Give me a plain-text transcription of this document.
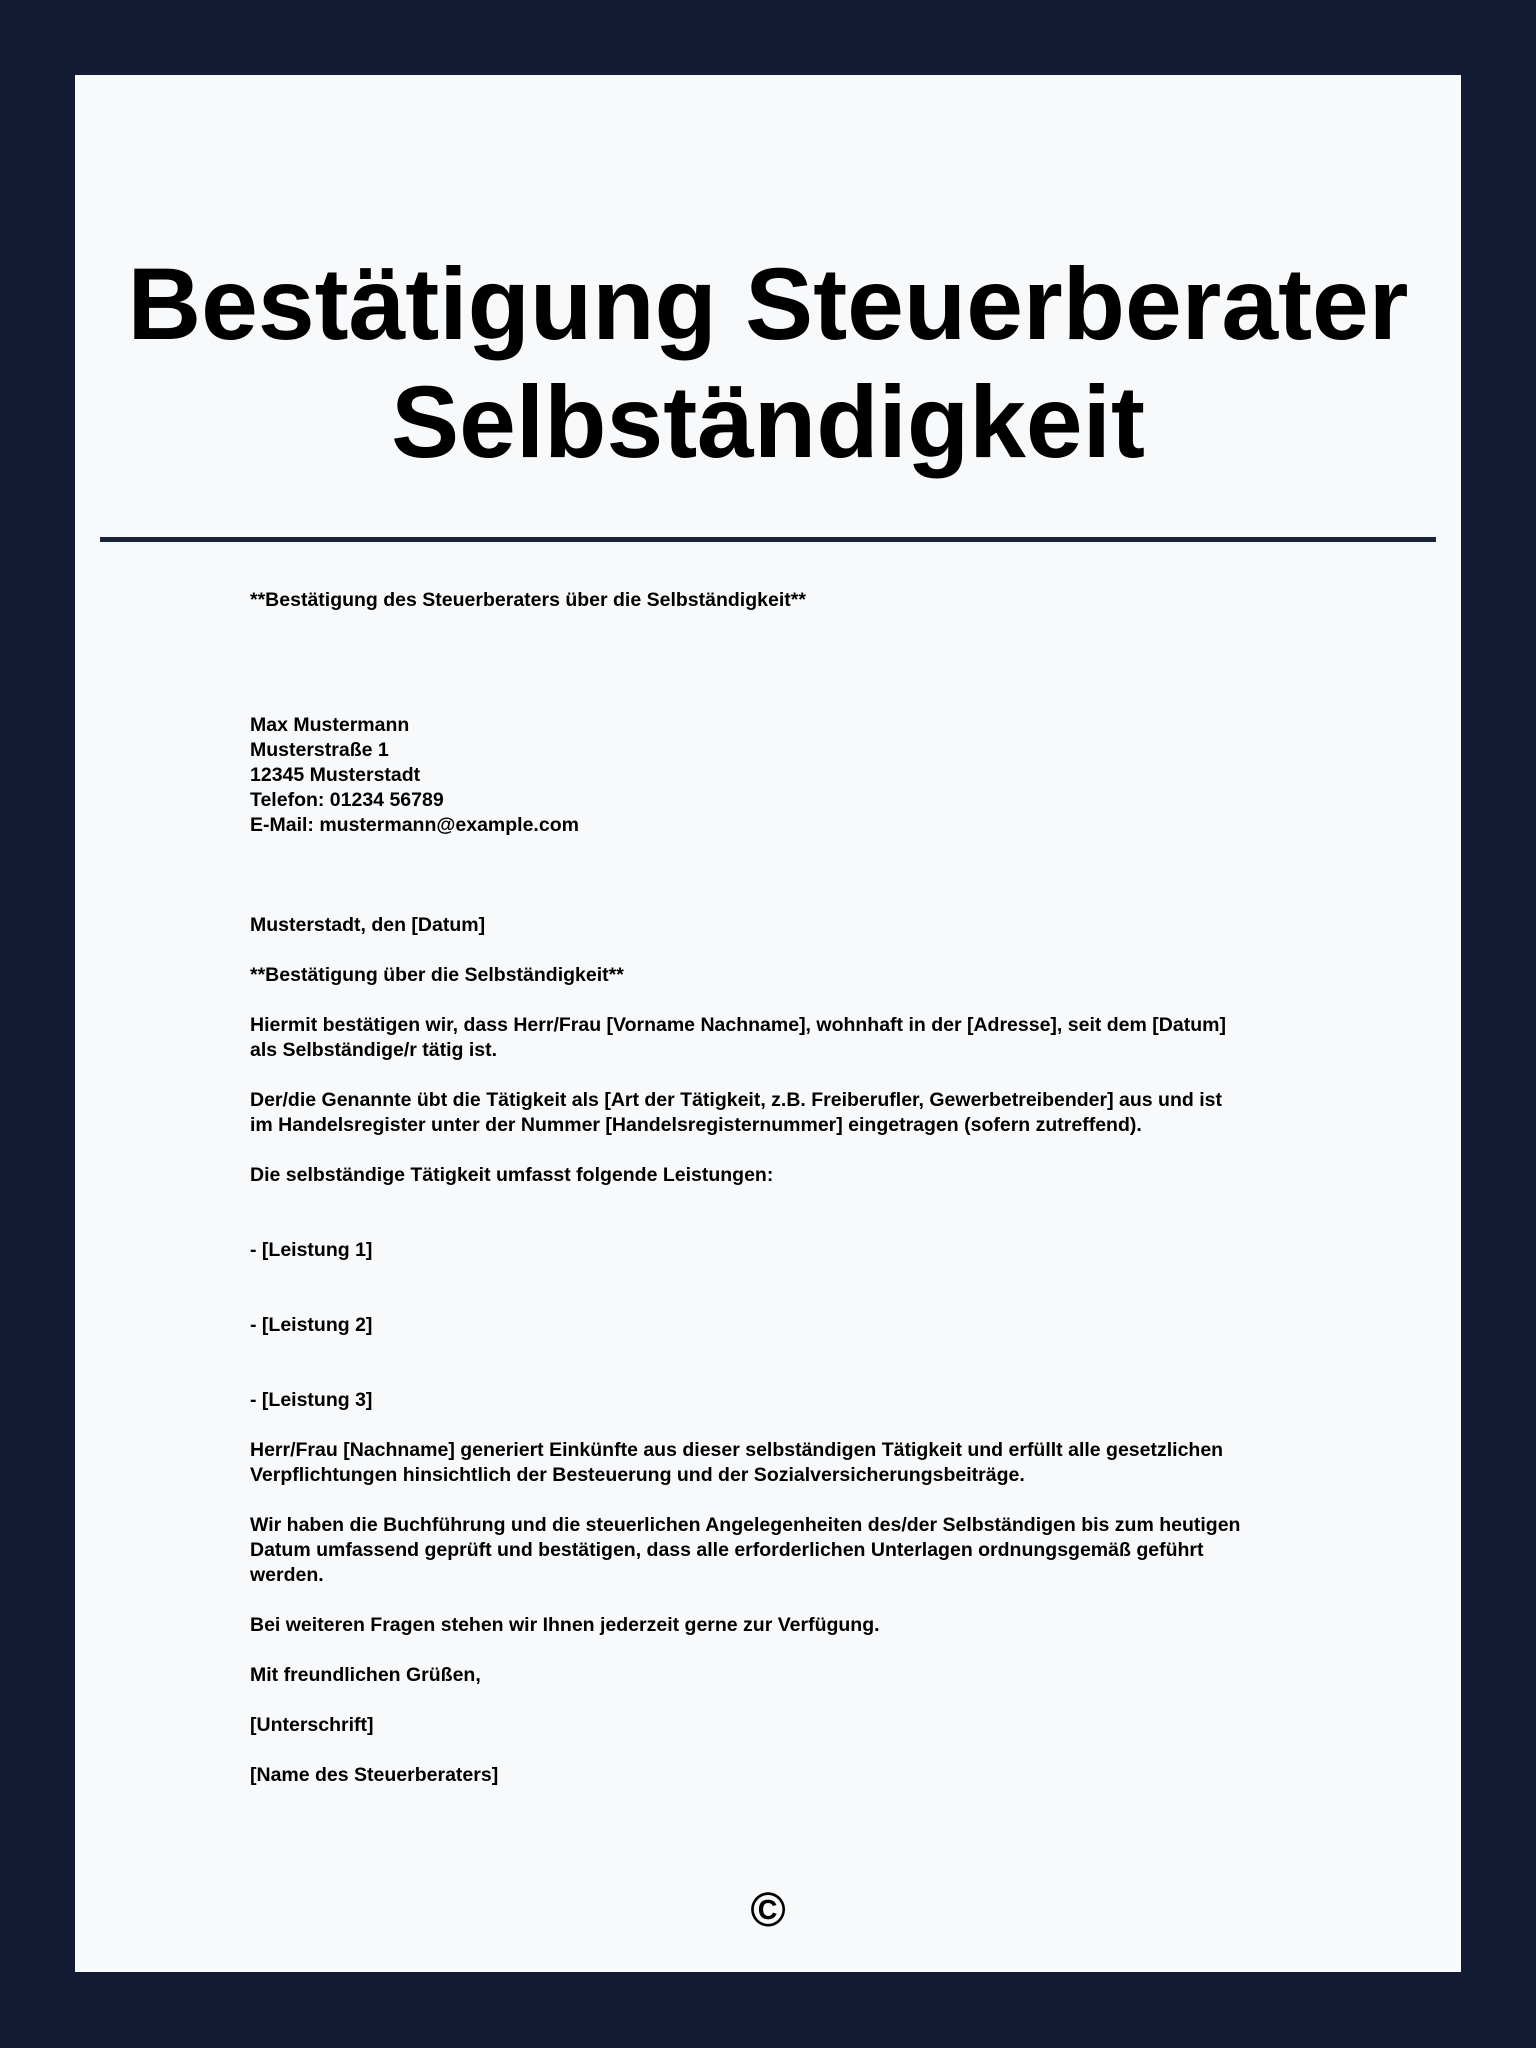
Bestätigung Steuerberater Selbständigkeit

**Bestätigung des Steuerberaters über die Selbständigkeit**

Max Mustermann

Musterstraße 1

12345 Musterstadt

Telefon: 01234 56789

E-Mail: mustermann@example.com

Musterstadt, den [Datum]

**Bestätigung über die Selbständigkeit**

Hiermit bestätigen wir, dass Herr/Frau [Vorname Nachname], wohnhaft in der [Adresse], seit dem [Datum]
als Selbständige/r tätig ist.

Der/die Genannte übt die Tätigkeit als [Art der Tätigkeit, z.B. Freiberufler, Gewerbetreibender] aus und ist
im Handelsregister unter der Nummer [Handelsregisternummer] eingetragen (sofern zutreffend).

Die selbständige Tätigkeit umfasst folgende Leistungen:

- [Leistung 1]

- [Leistung 2]

- [Leistung 3]

Herr/Frau [Nachname] generiert Einkünfte aus dieser selbständigen Tätigkeit und erfüllt alle gesetzlichen
Verpflichtungen hinsichtlich der Besteuerung und der Sozialversicherungsbeiträge.

Wir haben die Buchführung und die steuerlichen Angelegenheiten des/der Selbständigen bis zum heutigen
Datum umfassend geprüft und bestätigen, dass alle erforderlichen Unterlagen ordnungsgemäß geführt
werden.

Bei weiteren Fragen stehen wir Ihnen jederzeit gerne zur Verfügung.

Mit freundlichen Grüßen,

[Unterschrift]

[Name des Steuerberaters]

©
